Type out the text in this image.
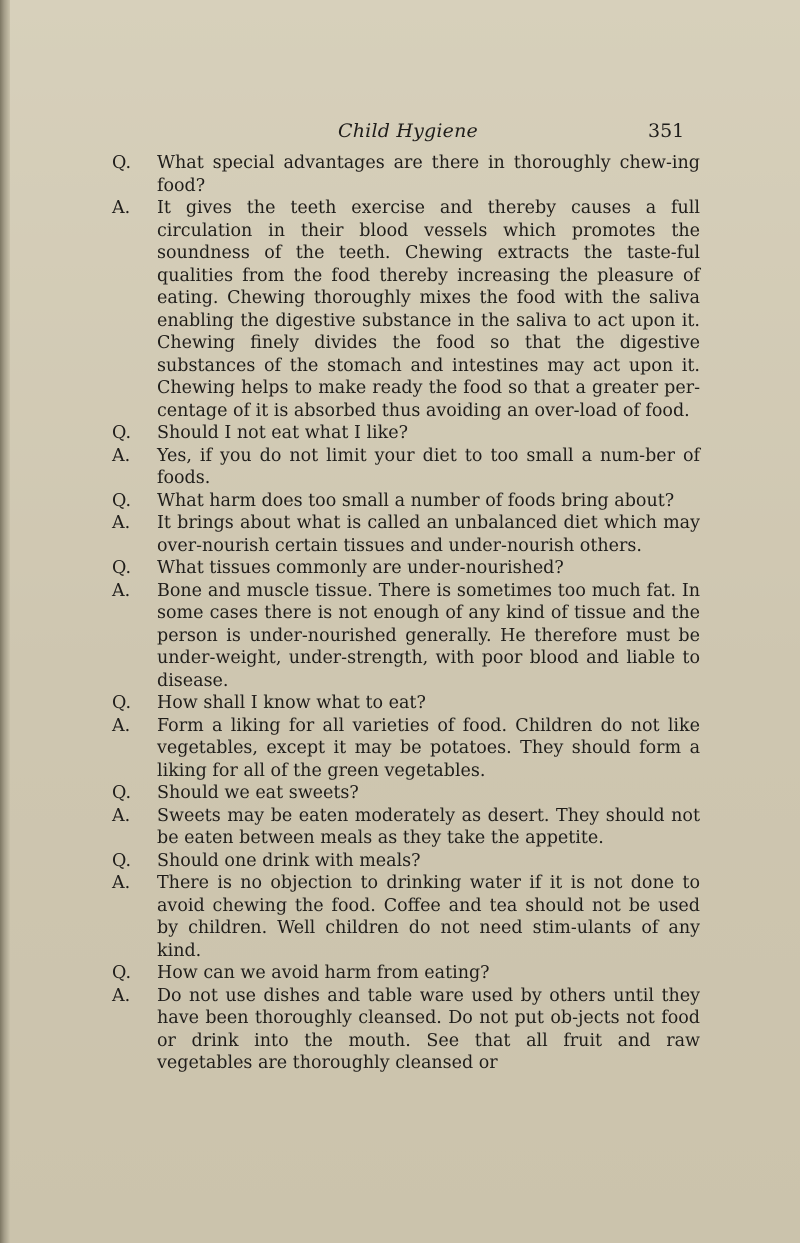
Child Hygiene	351
Q.	What special advantages are there in thoroughly chew-ing food?
A.	It gives the teeth exercise and thereby causes a full circulation in their blood vessels which promotes the soundness of the teeth. Chewing extracts the taste-ful qualities from the food thereby increasing the pleasure of eating. Chewing thoroughly mixes the food with the saliva enabling the digestive substance in the saliva to act upon it. Chewing finely divides the food so that the digestive substances of the stomach and intestines may act upon it. Chewing helps to make ready the food so that a greater per-centage of it is absorbed thus avoiding an over-load of food.
Q.	Should I not eat what I like?
A.	Yes, if you do not limit your diet to too small a num-ber of foods.
Q.	What harm does too small a number of foods bring about?
A.	It brings about what is called an unbalanced diet which may over-nourish certain tissues and under-nourish others.
Q.	What tissues commonly are under-nourished?
A.	Bone and muscle tissue. There is sometimes too much fat. In some cases there is not enough of any kind of tissue and the person is under-nourished generally. He therefore must be under-weight, under-strength, with poor blood and liable to disease.
Q.	How shall I know what to eat?
A.	Form a liking for all varieties of food. Children do not like vegetables, except it may be potatoes. They should form a liking for all of the green vegetables.
Q.	Should we eat sweets?
A.	Sweets may be eaten moderately as desert. They should not be eaten between meals as they take the appetite.
Q.	Should one drink with meals?
A.	There is no objection to drinking water if it is not done to avoid chewing the food. Coffee and tea should not be used by children. Well children do not need stim-ulants of any kind.
Q.	How can we avoid harm from eating?
A.	Do not use dishes and table ware used by others until they have been thoroughly cleansed. Do not put ob-jects not food or drink into the mouth. See that all fruit and raw vegetables are thoroughly cleansed or
